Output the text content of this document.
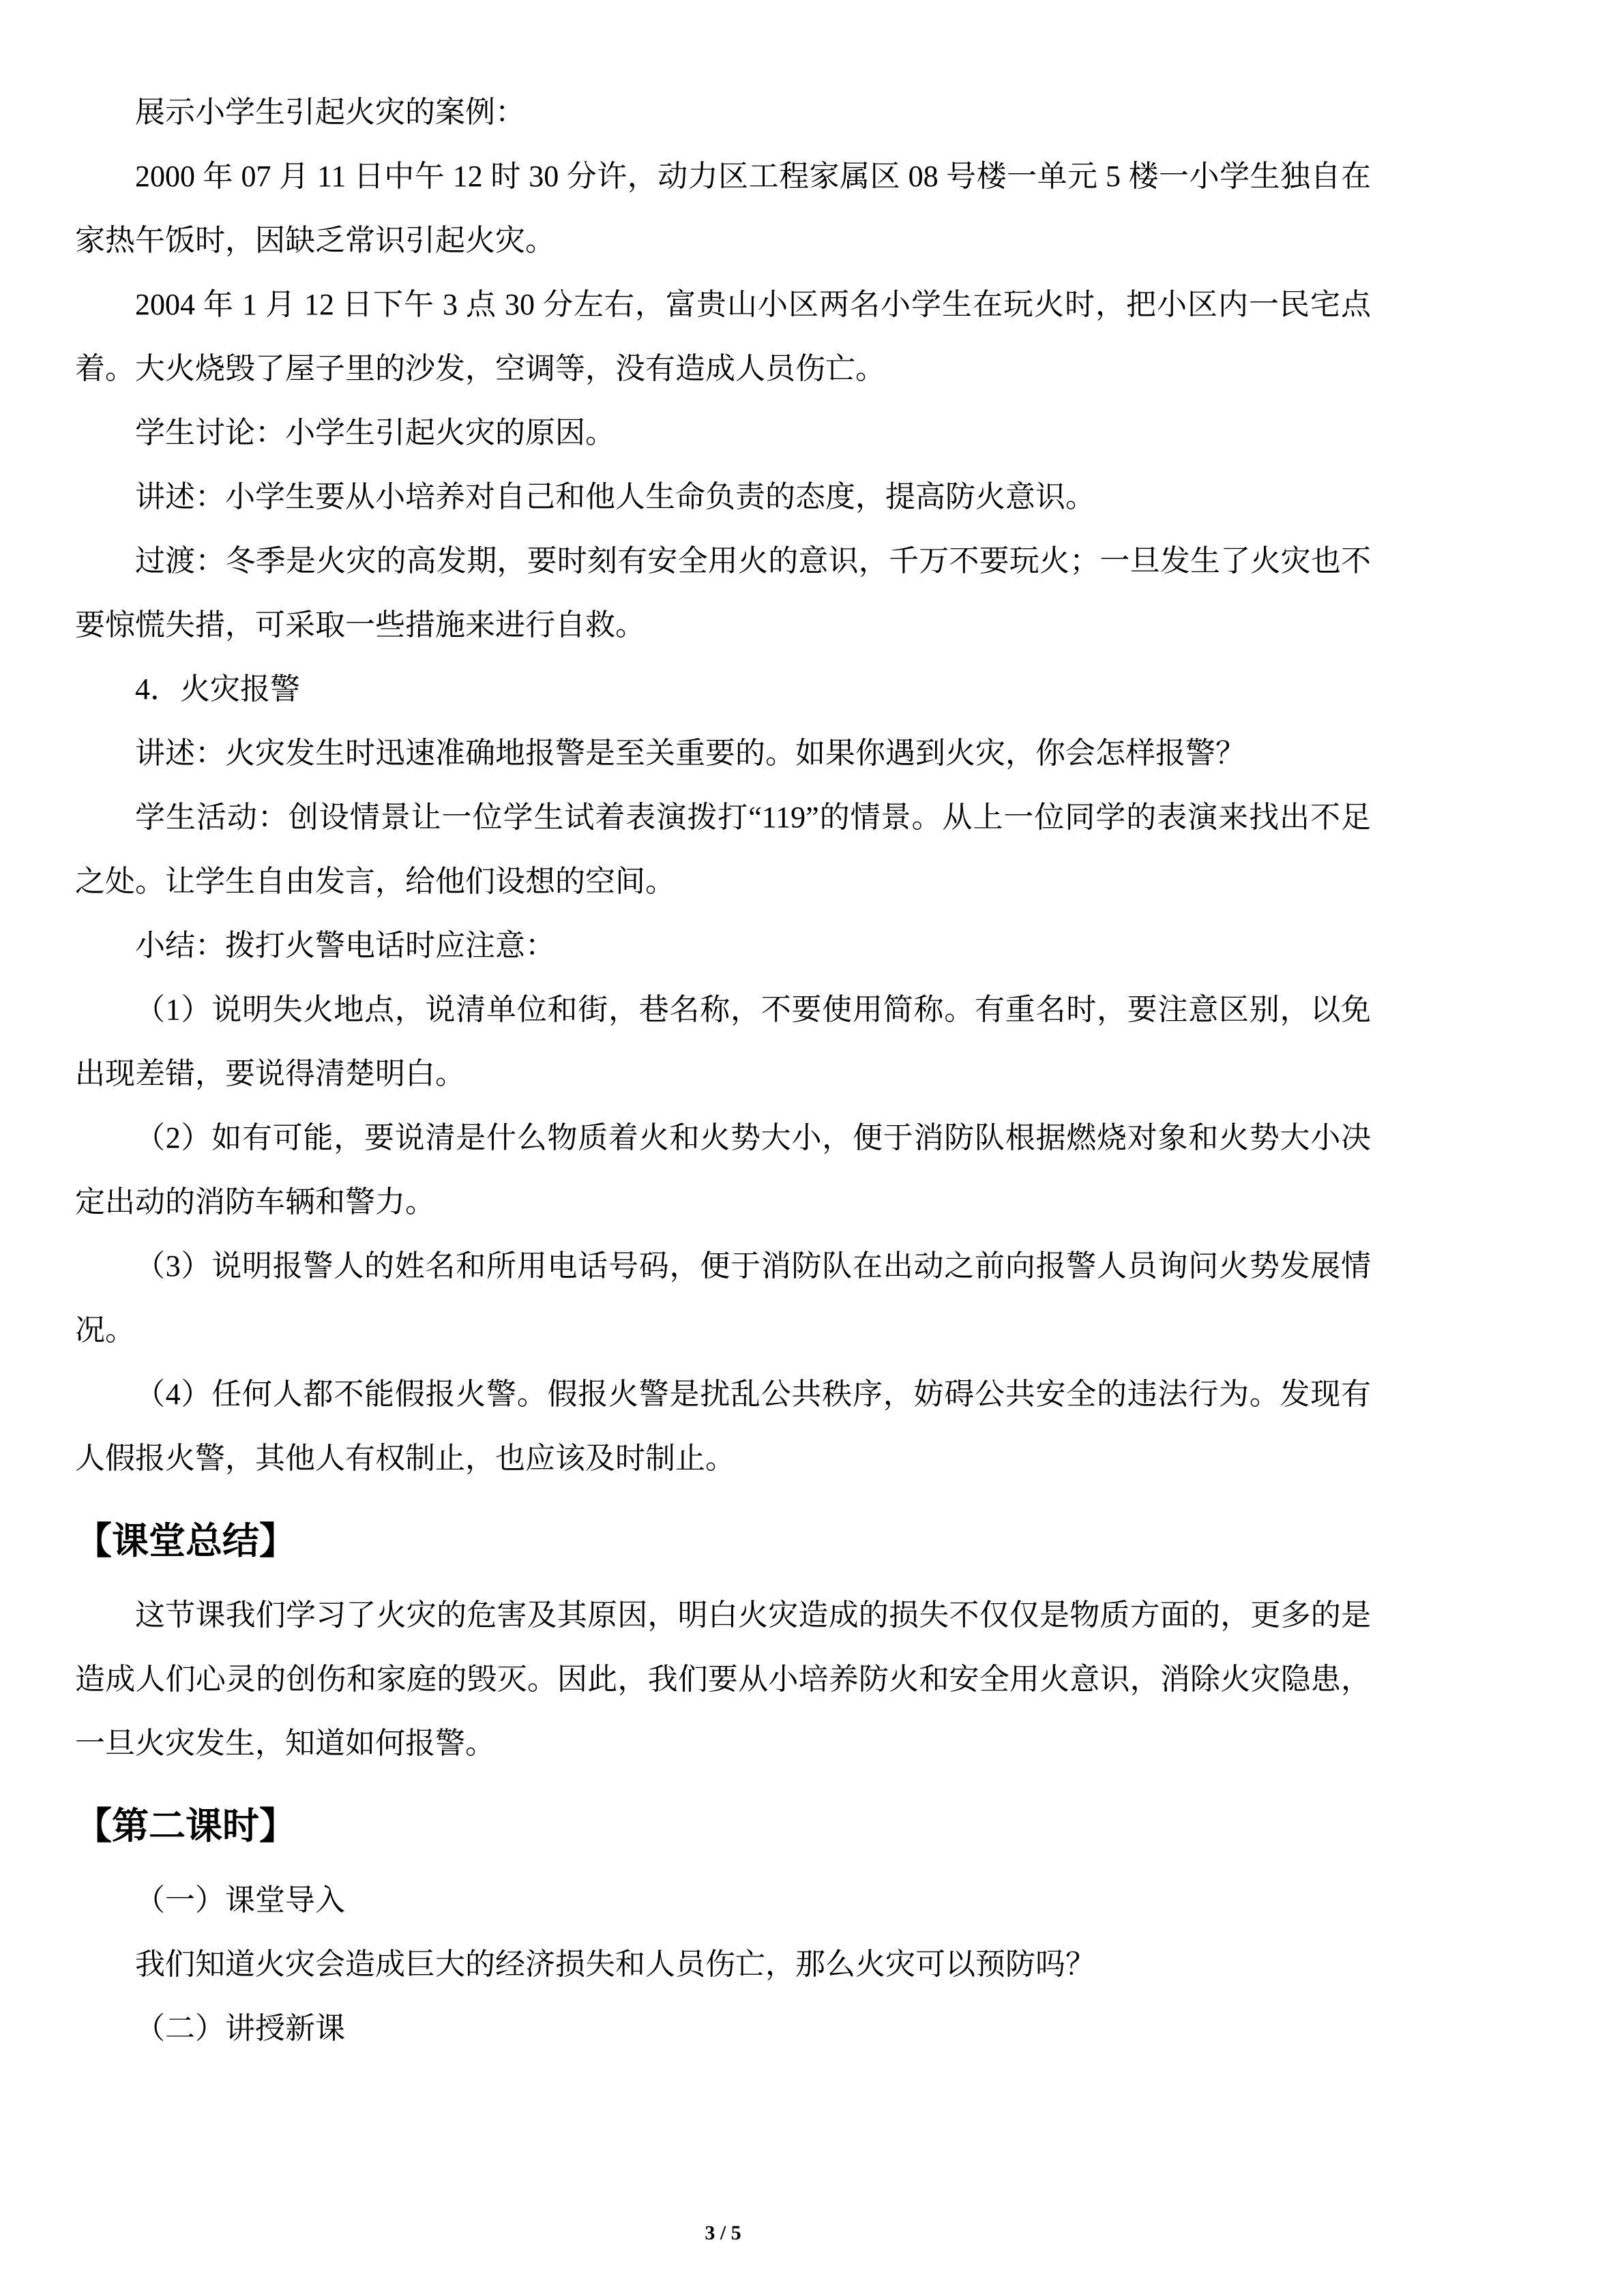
展示小学生引起火灾的案例：

2000 年 07 月 11 日中午 12 时 30 分许，动力区工程家属区 08 号楼一单元 5 楼一小学生独自在家热午饭时，因缺乏常识引起火灾。

2004 年 1 月 12 日下午 3 点 30 分左右，富贵山小区两名小学生在玩火时，把小区内一民宅点着。大火烧毁了屋子里的沙发，空调等，没有造成人员伤亡。

学生讨论：小学生引起火灾的原因。

讲述：小学生要从小培养对自己和他人生命负责的态度，提高防火意识。

过渡：冬季是火灾的高发期，要时刻有安全用火的意识，千万不要玩火；一旦发生了火灾也不要惊慌失措，可采取一些措施来进行自救。

4．火灾报警

讲述：火灾发生时迅速准确地报警是至关重要的。如果你遇到火灾，你会怎样报警？

学生活动：创设情景让一位学生试着表演拨打“119”的情景。从上一位同学的表演来找出不足之处。让学生自由发言，给他们设想的空间。

小结：拨打火警电话时应注意：

（1）说明失火地点，说清单位和街，巷名称，不要使用简称。有重名时，要注意区别，以免出现差错，要说得清楚明白。

（2）如有可能，要说清是什么物质着火和火势大小，便于消防队根据燃烧对象和火势大小决定出动的消防车辆和警力。

（3）说明报警人的姓名和所用电话号码，便于消防队在出动之前向报警人员询问火势发展情况。

（4）任何人都不能假报火警。假报火警是扰乱公共秩序，妨碍公共安全的违法行为。发现有人假报火警，其他人有权制止，也应该及时制止。

【课堂总结】

这节课我们学习了火灾的危害及其原因，明白火灾造成的损失不仅仅是物质方面的，更多的是造成人们心灵的创伤和家庭的毁灭。因此，我们要从小培养防火和安全用火意识，消除火灾隐患，一旦火灾发生，知道如何报警。

【第二课时】

（一）课堂导入

我们知道火灾会造成巨大的经济损失和人员伤亡，那么火灾可以预防吗？

（二）讲授新课

3 / 5
